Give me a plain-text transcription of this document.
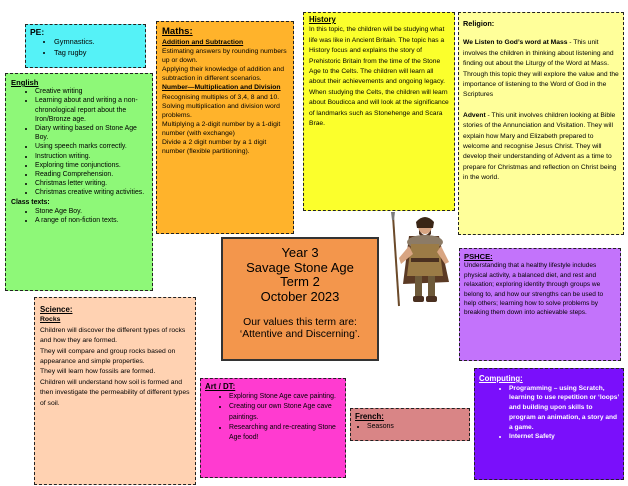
PE:
• Gymnastics.
• Tag rugby
English
• Creative writing
• Learning about and writing a non-chronological report about the Iron/Bronze age.
• Diary writing based on Stone Age Boy.
• Using speech marks correctly.
• Instruction writing.
• Exploring time conjunctions.
• Reading Comprehension.
• Christmas letter writing.
• Christmas creative writing activities.
Class texts:
• Stone Age Boy.
• A range of non-fiction texts.
Maths:
Addition and Subtraction

Estimating answers by rounding numbers up or down.

Applying their knowledge of addition and subtraction in different scenarios.

Number—Multiplication and Division

Recognising multiples of 3,4, 8 and 10.

Solving multiplication and division word problems.

Multiplying a 2-digit number by a 1-digit number (with exchange)

Divide a 2 digit number by a 1 digit number (flexible partitioning).

History

In this topic, the children will be studying what life was like in Ancient Britain. The topic has a History focus and explains the story of Prehistoric Britain from the time of the Stone Age to the Celts. The children will learn all about their achievements and ongoing legacy. When studying the Celts, the children will learn about Boudicca and will look at the significance of landmarks such as Stonehenge and Scara Brae.

Religion:

We Listen to God’s word at Mass - This unit involves the children in thinking about listening and finding out about the Liturgy of the Word at Mass. Through this topic they will explore the value and the importance of listening to the Word of God in the Scriptures

Advent - This unit involves children looking at Bible stories of the Annunciation and Visitation. They will explain how Mary and Elizabeth prepared to welcome and recognise Jesus Christ. They will develop their understanding of Advent as a time to prepare for Christmas and reflection on Christ being in the world.

Year 3
Savage Stone Age
Term 2
October 2023
Our values this term are:
‘Attentive and Discerning’.
PSHCE:

Understanding that a healthy lifestyle includes physical activity, a balanced diet, and rest and relaxation; exploring identity through groups we belong to, and how our strengths can be used to help others; learning how to solve problems by breaking them down into achievable steps.

Science:
Rocks

Children will discover the different types of rocks and how they are formed.

They will compare and group rocks based on appearance and simple properties.

They will learn how fossils are formed.

Children will understand how soil is formed and then investigate the permeability of different types of soil.

Art / DT:
• Exploring Stone Age cave painting.
• Creating our own Stone Age cave paintings.
• Researching and re-creating Stone Age food!
French:
• Seasons
Computing:
• Programming – using Scratch, learning to use repetition or ‘loops’ and building upon skills to program an animation, a story and a game.
• Internet Safety
